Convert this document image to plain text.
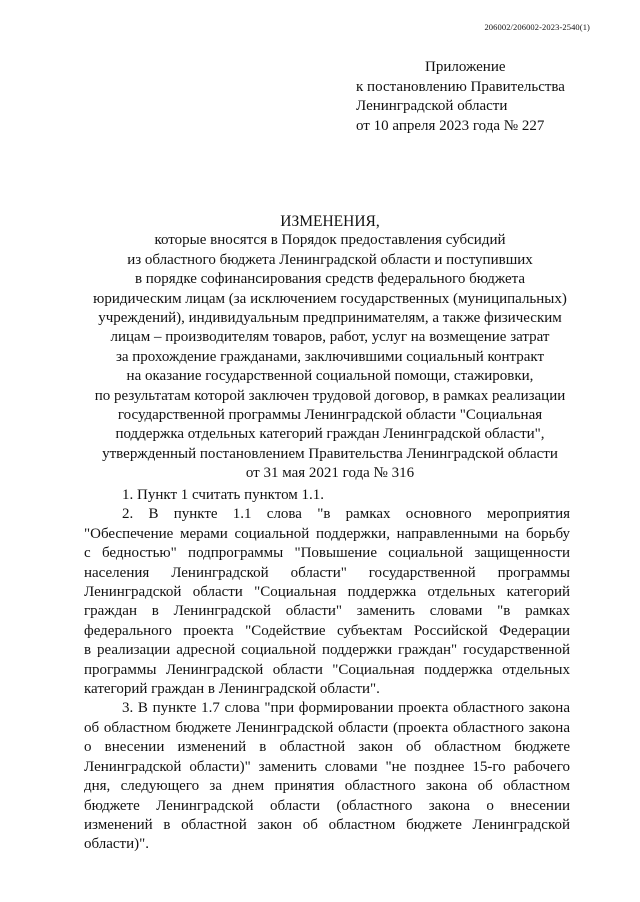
206002/206002-2023-2540(1)
Приложение
к постановлению Правительства
Ленинградской области
от 10 апреля 2023 года № 227
ИЗМЕНЕНИЯ,
которые вносятся в Порядок предоставления субсидий
из областного бюджета Ленинградской области и поступивших
в порядке софинансирования средств федерального бюджета
юридическим лицам (за исключением государственных (муниципальных)
учреждений), индивидуальным предпринимателям, а также физическим
лицам – производителям товаров, работ, услуг на возмещение затрат
за прохождение гражданами, заключившими социальный контракт
на оказание государственной социальной помощи, стажировки,
по результатам которой заключен трудовой договор, в рамках реализации
государственной программы Ленинградской области "Социальная
поддержка отдельных категорий граждан Ленинградской области",
утвержденный постановлением Правительства Ленинградской области
от 31 мая 2021 года № 316
1. Пункт 1 считать пунктом 1.1.
2. В пункте 1.1 слова "в рамках основного мероприятия
"Обеспечение мерами социальной поддержки, направленными на борьбу
с бедностью" подпрограммы "Повышение социальной защищенности
населения Ленинградской области" государственной программы
Ленинградской области "Социальная поддержка отдельных категорий
граждан в Ленинградской области" заменить словами "в рамках
федерального проекта "Содействие субъектам Российской Федерации
в реализации адресной социальной поддержки граждан" государственной
программы Ленинградской области "Социальная поддержка отдельных
категорий граждан в Ленинградской области".
3. В пункте 1.7 слова "при формировании проекта областного закона
об областном бюджете Ленинградской области (проекта областного закона
о внесении изменений в областной закон об областном бюджете
Ленинградской области)" заменить словами "не позднее 15-го рабочего
дня, следующего за днем принятия областного закона об областном
бюджете Ленинградской области (областного закона о внесении
изменений в областной закон об областном бюджете Ленинградской
области)".
